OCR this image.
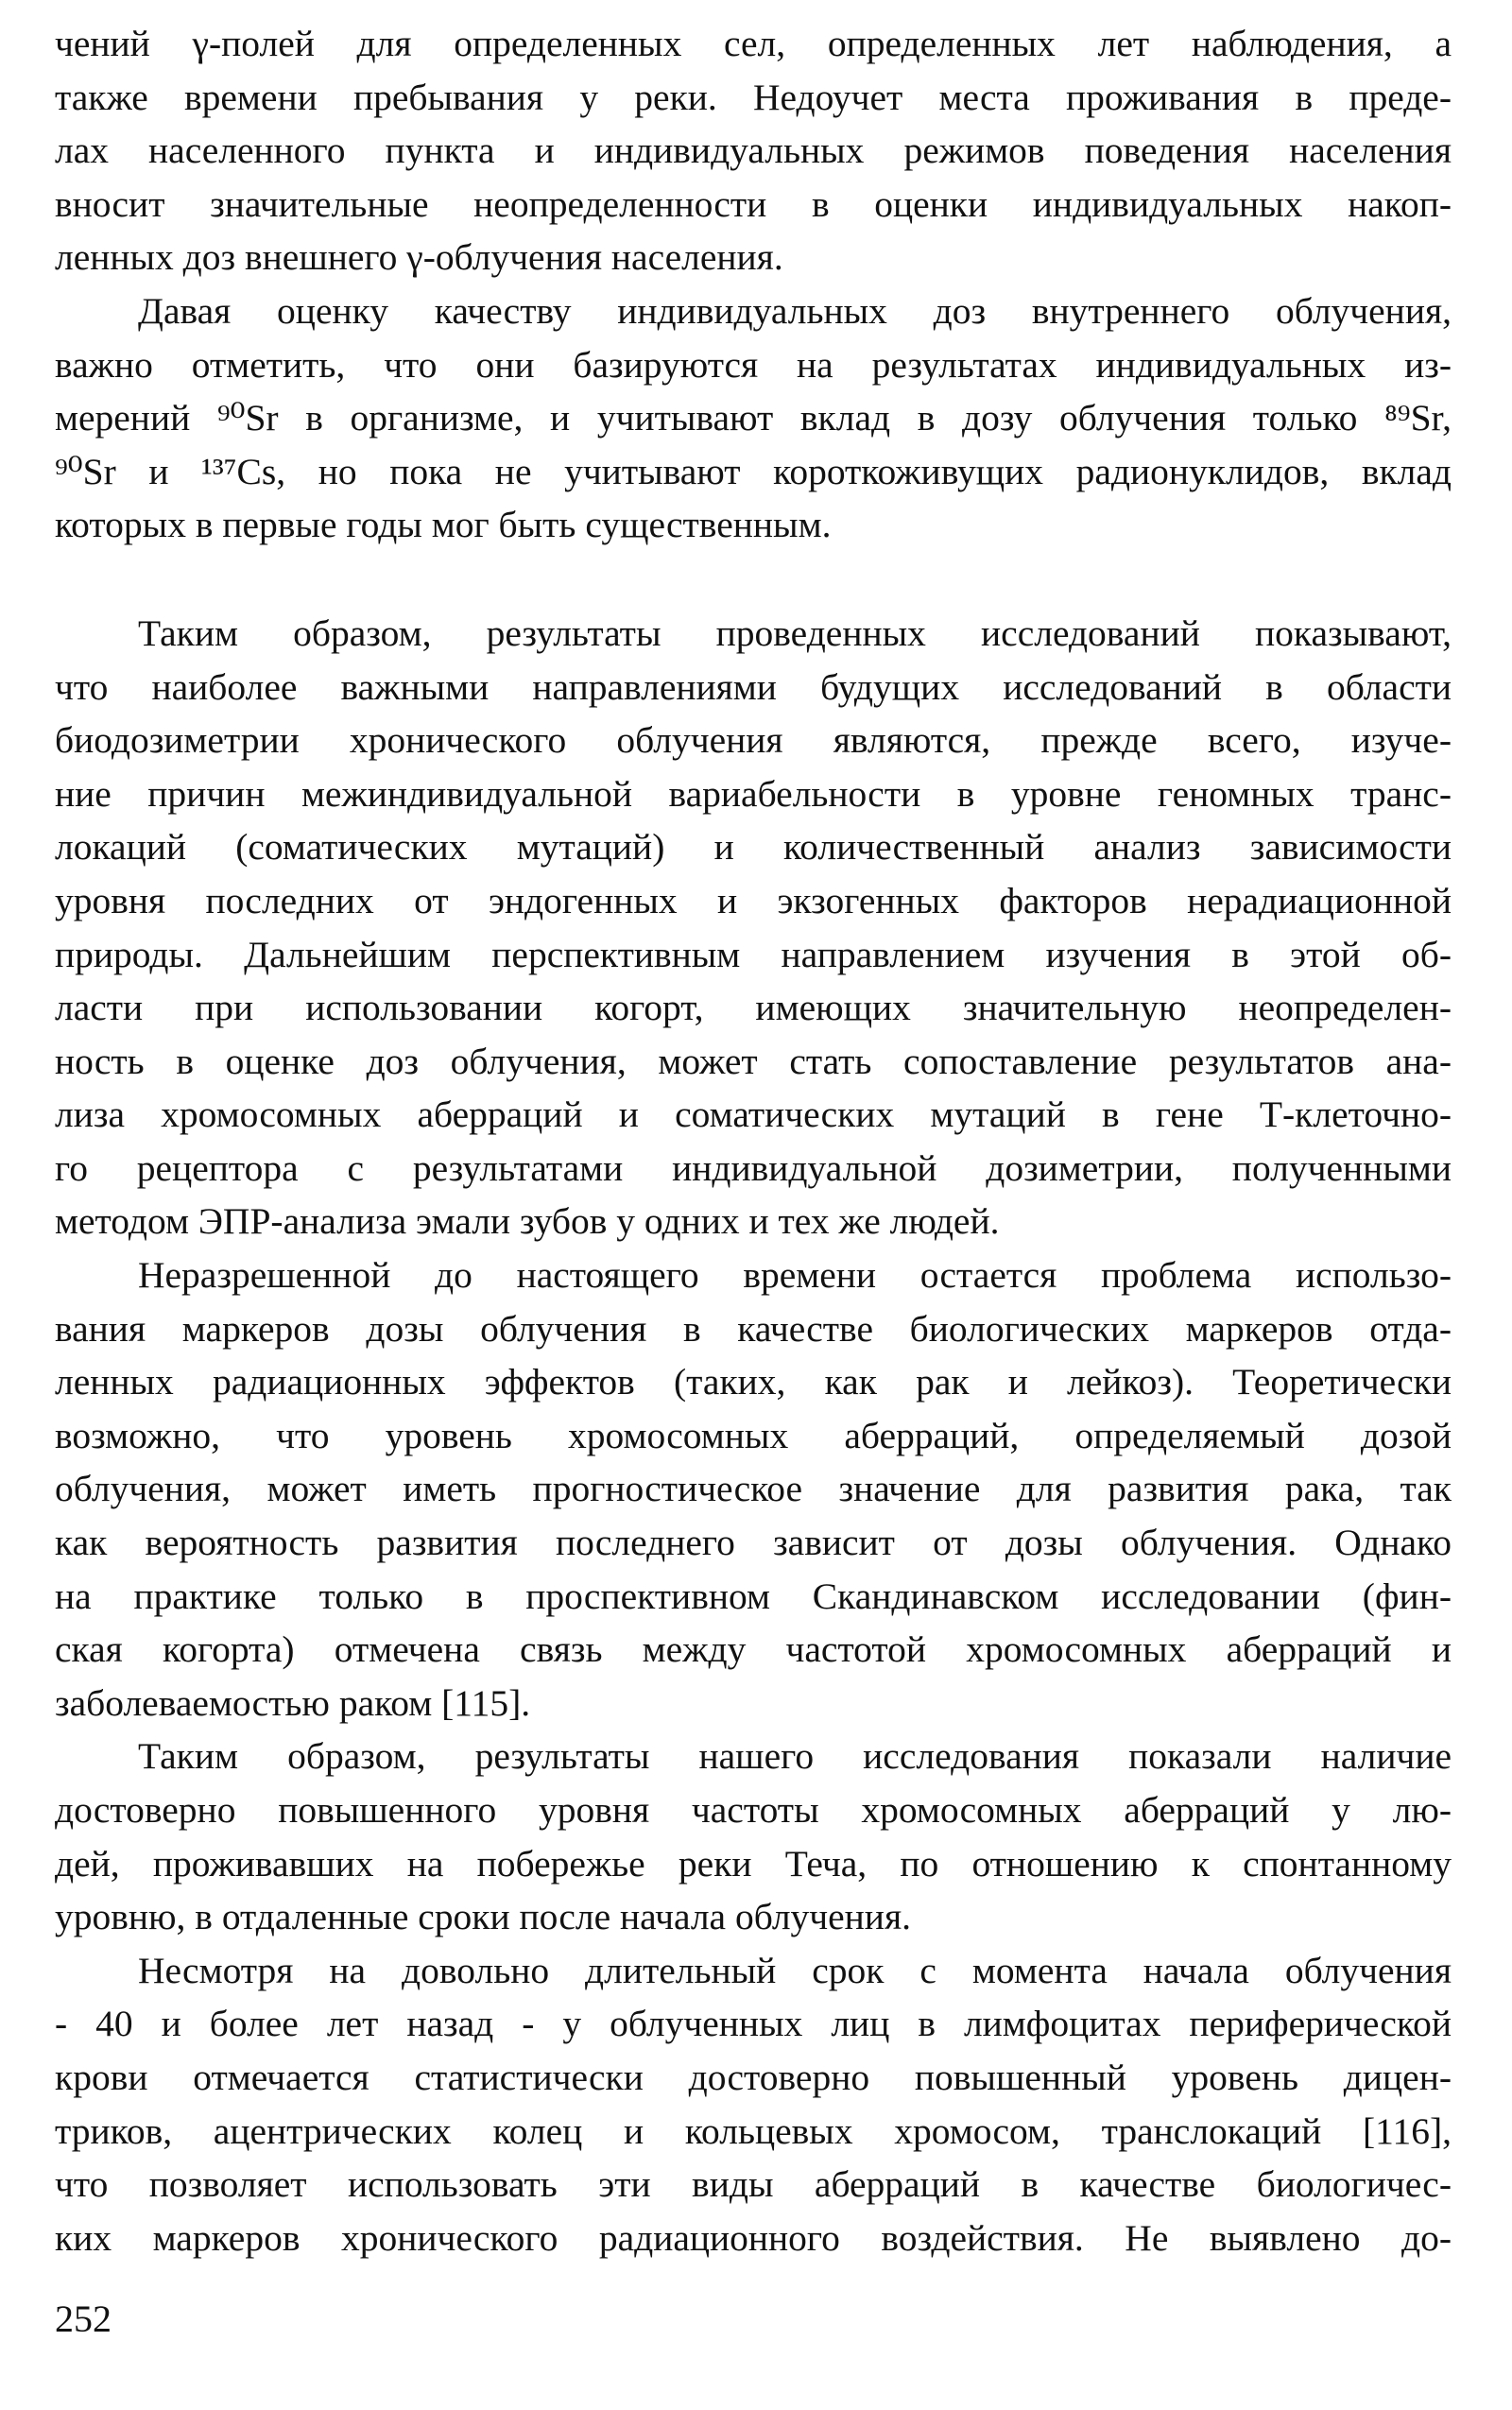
чений γ-полей для определенных сел, определенных лет наблюдения, а
также времени пребывания у реки. Недоучет места проживания в преде-
лах населенного пункта и индивидуальных режимов поведения населения
вносит значительные неопределенности в оценки индивидуальных накоп-
ленных доз внешнего γ-облучения населения.

Давая оценку качеству индивидуальных доз внутреннего облучения,
важно отметить, что они базируются на результатах индивидуальных из-
мерений ⁹⁰Sr в организме, и учитывают вклад в дозу облучения только ⁸⁹Sr,
⁹⁰Sr и ¹³⁷Cs, но пока не учитывают короткоживущих радионуклидов, вклад
которых в первые годы мог быть существенным.

Таким образом, результаты проведенных исследований показывают,
что наиболее важными направлениями будущих исследований в области
биодозиметрии хронического облучения являются, прежде всего, изуче-
ние причин межиндивидуальной вариабельности в уровне геномных транс-
локаций (соматических мутаций) и количественный анализ зависимости
уровня последних от эндогенных и экзогенных факторов нерадиационной
природы. Дальнейшим перспективным направлением изучения в этой об-
ласти при использовании когорт, имеющих значительную неопределен-
ность в оценке доз облучения, может стать сопоставление результатов ана-
лиза хромосомных аберраций и соматических мутаций в гене Т-клеточно-
го рецептора с результатами индивидуальной дозиметрии, полученными
методом ЭПР-анализа эмали зубов у одних и тех же людей.

Неразрешенной до настоящего времени остается проблема использо-
вания маркеров дозы облучения в качестве биологических маркеров отда-
ленных радиационных эффектов (таких, как рак и лейкоз). Теоретически
возможно, что уровень хромосомных аберраций, определяемый дозой
облучения, может иметь прогностическое значение для развития рака, так
как вероятность развития последнего зависит от дозы облучения. Однако
на практике только в проспективном Скандинавском исследовании (фин-
ская когорта) отмечена связь между частотой хромосомных аберраций и
заболеваемостью раком [115].

Таким образом, результаты нашего исследования показали наличие
достоверно повышенного уровня частоты хромосомных аберраций у лю-
дей, проживавших на побережье реки Теча, по отношению к спонтанному
уровню, в отдаленные сроки после начала облучения.

Несмотря на довольно длительный срок с момента начала облучения
- 40 и более лет назад - у облученных лиц в лимфоцитах периферической
крови отмечается статистически достоверно повышенный уровень дицен-
триков, ацентрических колец и кольцевых хромосом, транслокаций [116],
что позволяет использовать эти виды аберраций в качестве биологичес-
ких маркеров хронического радиационного воздействия. Не выявлено до-

252
